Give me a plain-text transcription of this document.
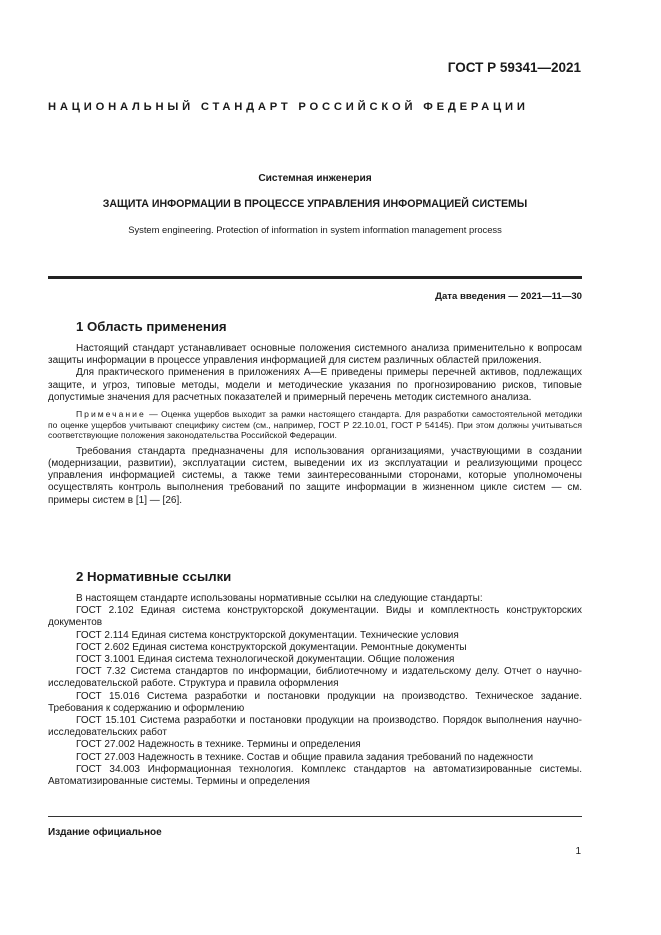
ГОСТ Р 59341—2021
НАЦИОНАЛЬНЫЙ СТАНДАРТ РОССИЙСКОЙ ФЕДЕРАЦИИ
Системная инженерия
ЗАЩИТА ИНФОРМАЦИИ В ПРОЦЕССЕ УПРАВЛЕНИЯ ИНФОРМАЦИЕЙ СИСТЕМЫ
System engineering. Protection of information in system information management process
Дата введения — 2021—11—30
1 Область применения

Настоящий стандарт устанавливает основные положения системного анализа применительно к вопросам защиты информации в процессе управления информацией для систем различных областей приложения.

Для практического применения в приложениях А—Е приведены примеры перечней активов, подлежащих защите, и угроз, типовые методы, модели и методические указания по прогнозированию рисков, типовые допустимые значения для расчетных показателей и примерный перечень методик системного анализа.

Примечание — Оценка ущербов выходит за рамки настоящего стандарта. Для разработки самостоятельной методики по оценке ущербов учитывают специфику систем (см., например, ГОСТ Р 22.10.01, ГОСТ Р 54145). При этом должны учитываться соответствующие положения законодательства Российской Федерации.

Требования стандарта предназначены для использования организациями, участвующими в создании (модернизации, развитии), эксплуатации систем, выведении их из эксплуатации и реализующими процесс управления информацией системы, а также теми заинтересованными сторонами, которые уполномочены осуществлять контроль выполнения требований по защите информации в жизненном цикле систем — см. примеры систем в [1] — [26].

2 Нормативные ссылки

В настоящем стандарте использованы нормативные ссылки на следующие стандарты:

ГОСТ 2.102 Единая система конструкторской документации. Виды и комплектность конструкторских документов

ГОСТ 2.114 Единая система конструкторской документации. Технические условия

ГОСТ 2.602 Единая система конструкторской документации. Ремонтные документы

ГОСТ 3.1001 Единая система технологической документации. Общие положения

ГОСТ 7.32 Система стандартов по информации, библиотечному и издательскому делу. Отчет о научно-исследовательской работе. Структура и правила оформления

ГОСТ 15.016 Система разработки и постановки продукции на производство. Техническое задание. Требования к содержанию и оформлению

ГОСТ 15.101 Система разработки и постановки продукции на производство. Порядок выполнения научно-исследовательских работ

ГОСТ 27.002 Надежность в технике. Термины и определения

ГОСТ 27.003 Надежность в технике. Состав и общие правила задания требований по надежности

ГОСТ 34.003 Информационная технология. Комплекс стандартов на автоматизированные системы. Автоматизированные системы. Термины и определения

Издание официальное
1
